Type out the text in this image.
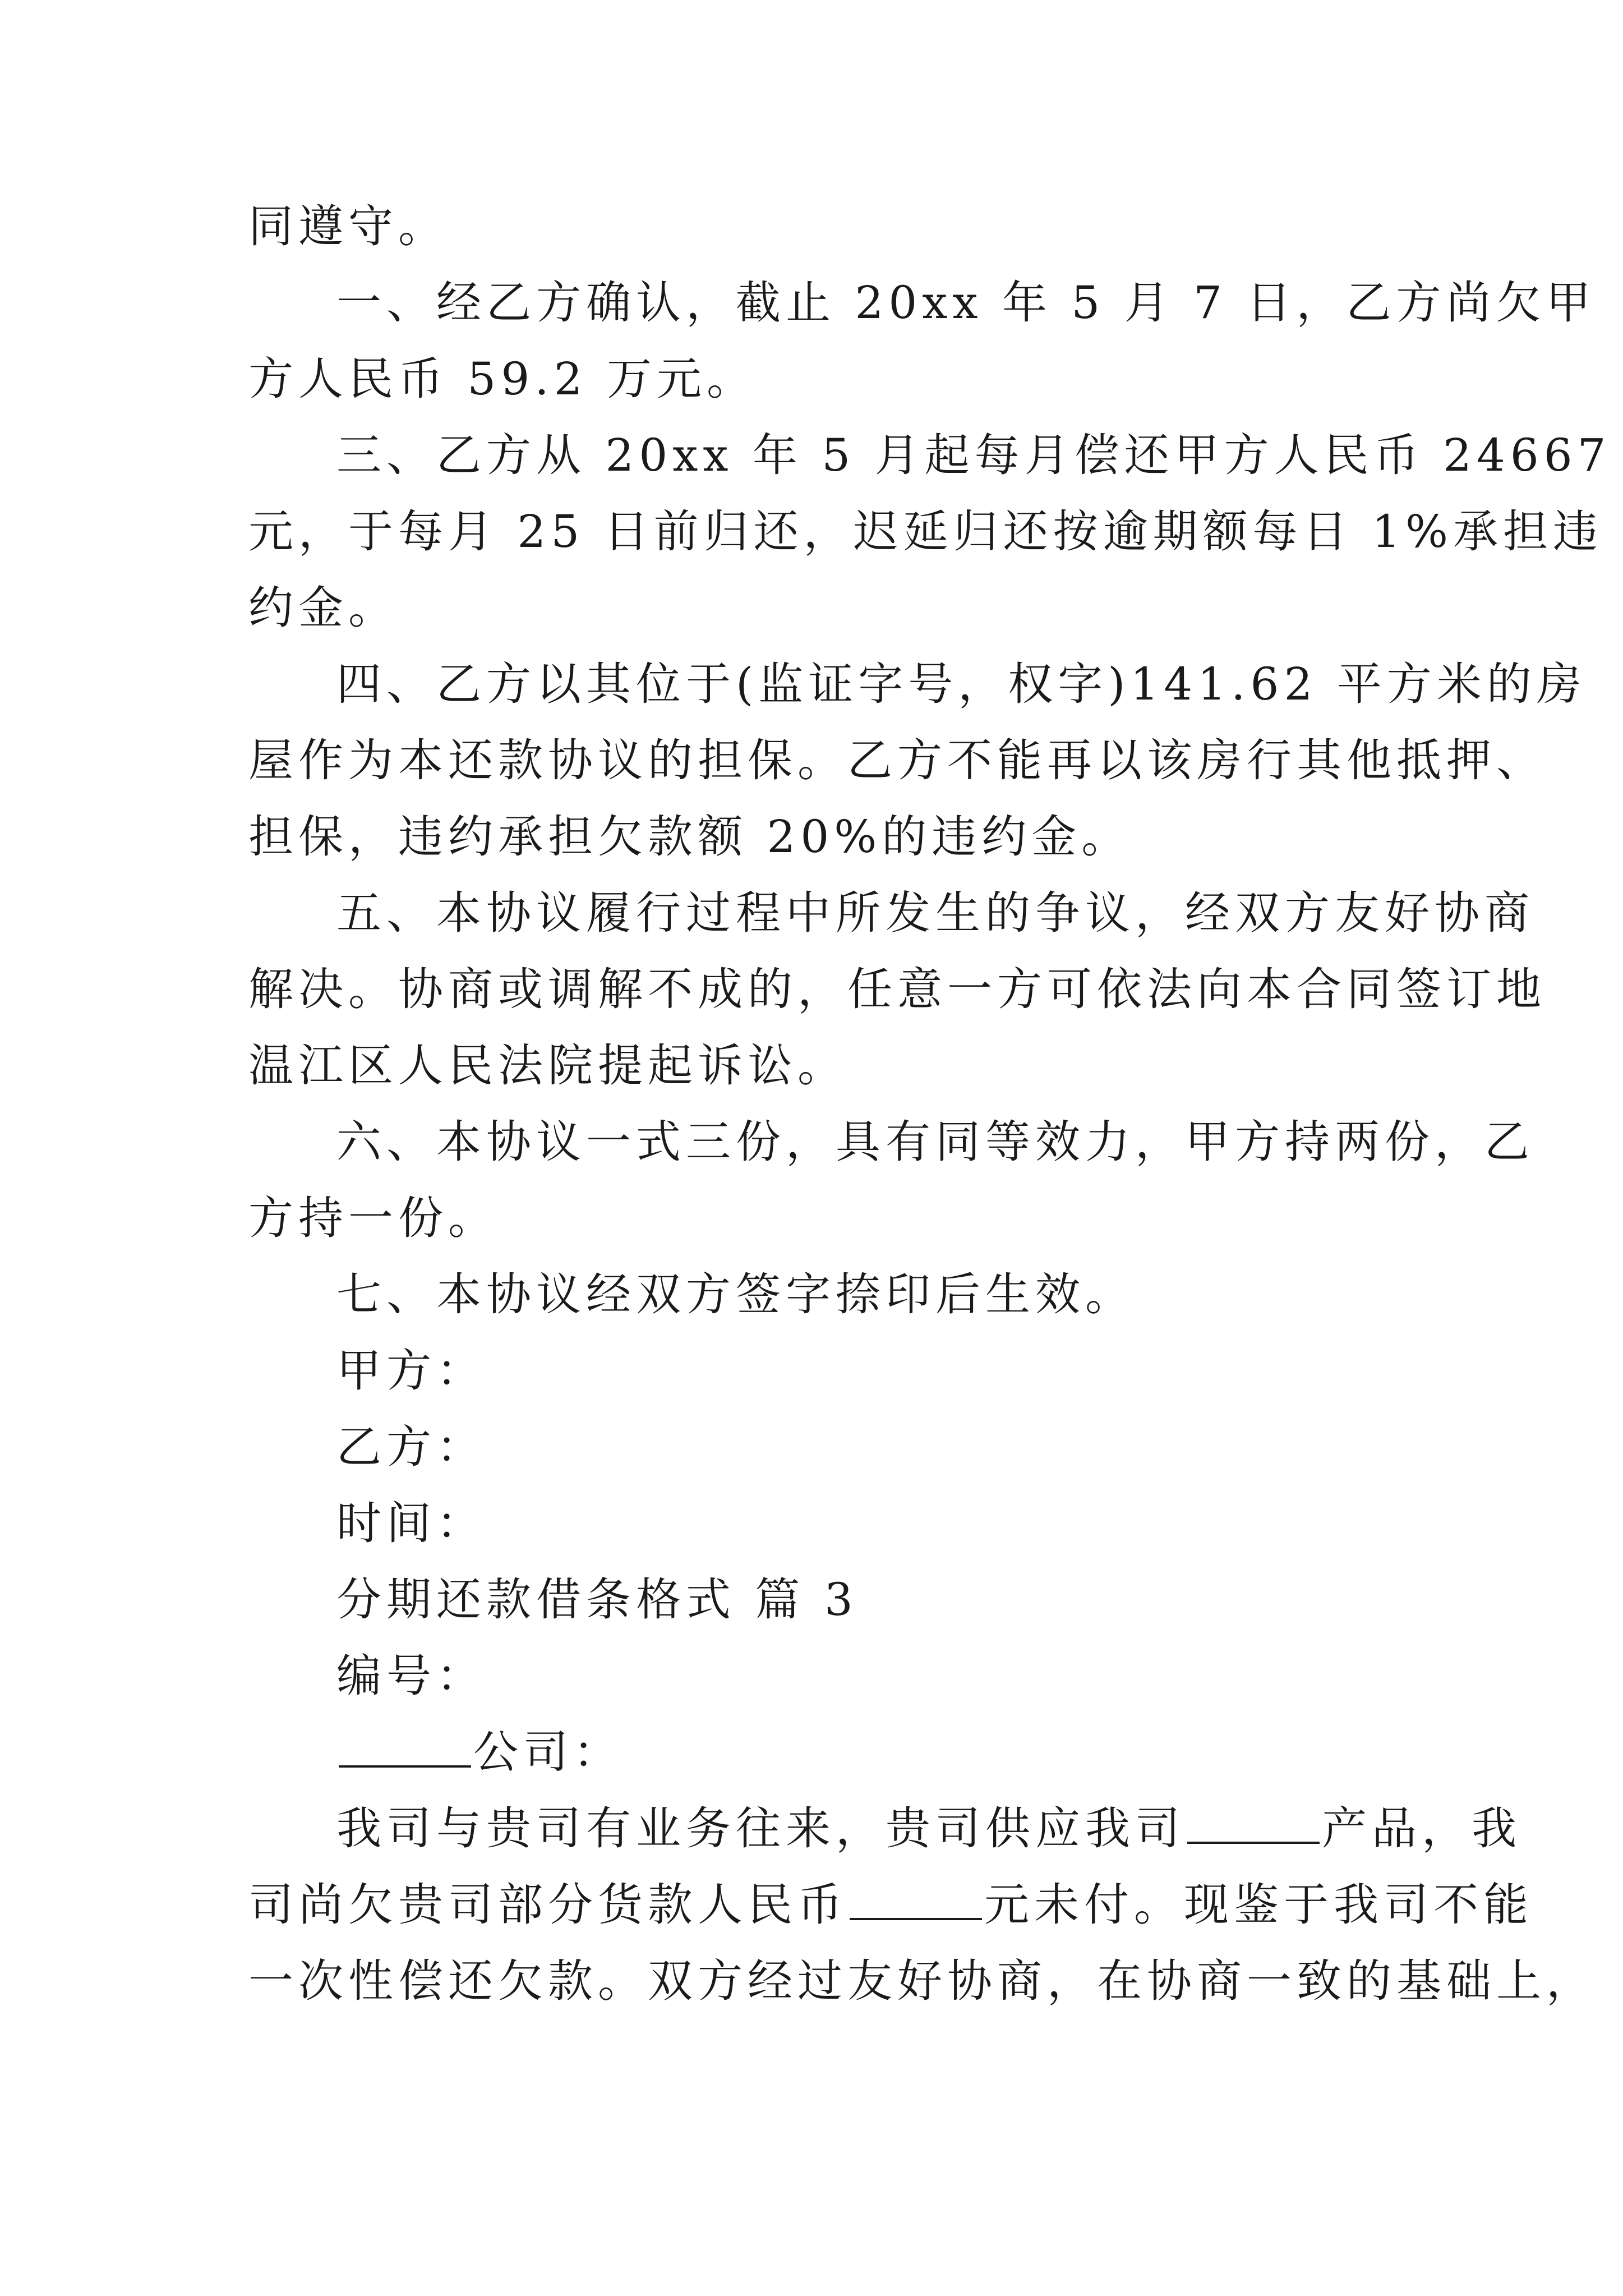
同遵守。
一、经乙方确认，截止 20xx 年 5 月 7 日，乙方尚欠甲
方人民币 59.2 万元。
三、乙方从 20xx 年 5 月起每月偿还甲方人民币 24667
元，于每月 25 日前归还，迟延归还按逾期额每日 1%承担违
约金。
四、乙方以其位于(监证字号，权字)141.62 平方米的房
屋作为本还款协议的担保。乙方不能再以该房行其他抵押、
担保，违约承担欠款额 20%的违约金。
五、本协议履行过程中所发生的争议，经双方友好协商
解决。协商或调解不成的，任意一方可依法向本合同签订地
温江区人民法院提起诉讼。
六、本协议一式三份，具有同等效力，甲方持两份，乙
方持一份。
七、本协议经双方签字捺印后生效。
甲方：
乙方：
时间：
分期还款借条格式 篇 3
编号：
公司：
我司与贵司有业务往来，贵司供应我司	产品，我
司尚欠贵司部分货款人民币	元未付。现鉴于我司不能
一次性偿还欠款。双方经过友好协商，在协商一致的基础上，
